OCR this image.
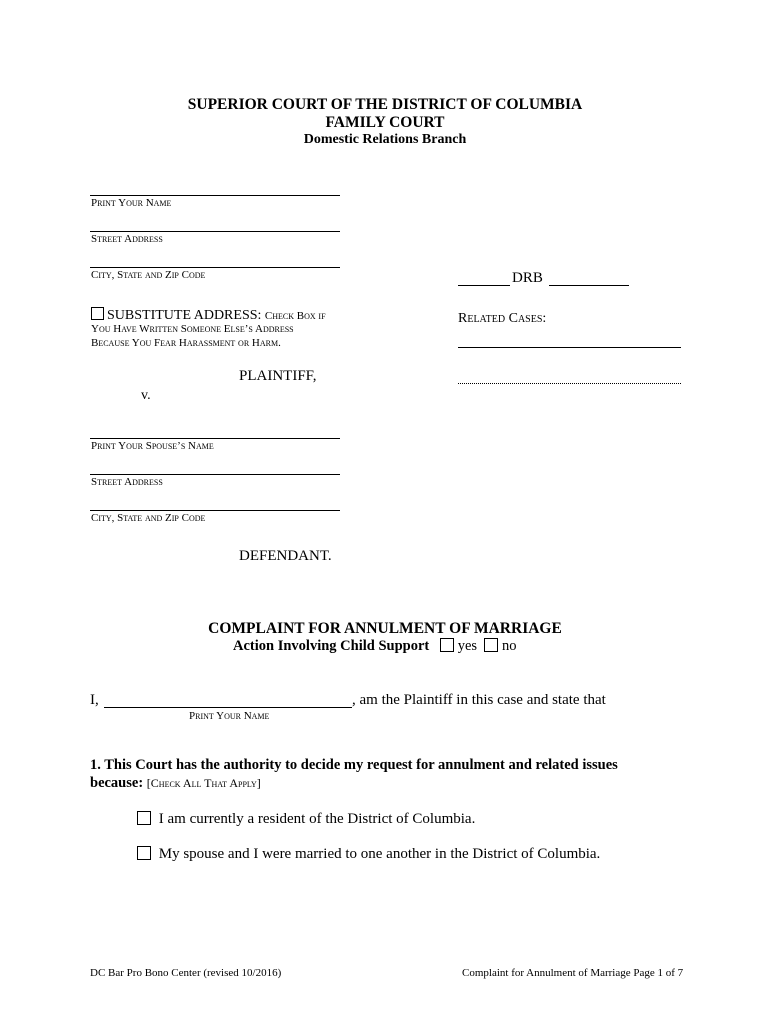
SUPERIOR COURT OF THE DISTRICT OF COLUMBIA
FAMILY COURT
Domestic Relations Branch
Print Your Name
Street Address
City, State and Zip Code
SUBSTITUTE ADDRESS: Check Box if
You Have Written Someone Else’s Address
Because You Fear Harassment or Harm.
PLAINTIFF,
v.
Print Your Spouse’s Name
Street Address
City, State and Zip Code
DEFENDANT.
DRB
Related Cases:
COMPLAINT FOR ANNULMENT OF MARRIAGE
Action Involving Child Support yes no
I,	, am the Plaintiff in this case and state that
Print Your Name
1. This Court has the authority to decide my request for annulment and related issues
because: [Check All That Apply]
I am currently a resident of the District of Columbia.
My spouse and I were married to one another in the District of Columbia.
DC Bar Pro Bono Center (revised 10/2016)	Complaint for Annulment of Marriage Page 1 of 7
